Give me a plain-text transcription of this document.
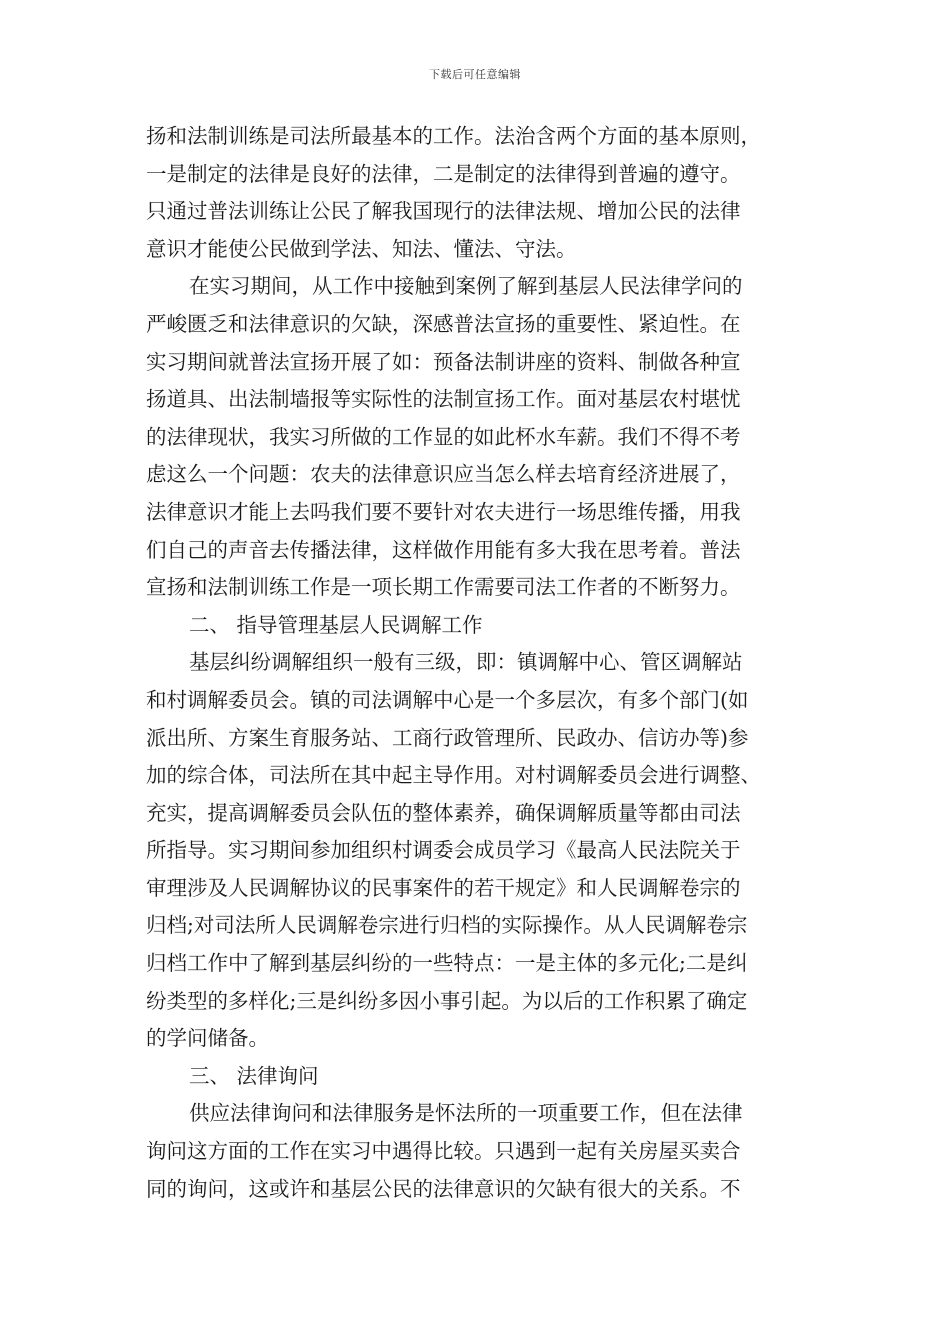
下载后可任意编辑
扬和法制训练是司法所最基本的工作。法治含两个方面的基本原则，
一是制定的法律是良好的法律，二是制定的法律得到普遍的遵守。
只通过普法训练让公民了解我国现行的法律法规、增加公民的法律
意识才能使公民做到学法、知法、懂法、守法。
在实习期间，从工作中接触到案例了解到基层人民法律学问的
严峻匮乏和法律意识的欠缺，深感普法宣扬的重要性、紧迫性。在
实习期间就普法宣扬开展了如：预备法制讲座的资料、制做各种宣
扬道具、出法制墙报等实际性的法制宣扬工作。面对基层农村堪忧
的法律现状，我实习所做的工作显的如此杯水车薪。我们不得不考
虑这么一个问题：农夫的法律意识应当怎么样去培育经济进展了，
法律意识才能上去吗我们要不要针对农夫进行一场思维传播，用我
们自己的声音去传播法律，这样做作用能有多大我在思考着。普法
宣扬和法制训练工作是一项长期工作需要司法工作者的不断努力。
二、 指导管理基层人民调解工作
基层纠纷调解组织一般有三级，即：镇调解中心、管区调解站
和村调解委员会。镇的司法调解中心是一个多层次，有多个部门(如
派出所、方案生育服务站、工商行政管理所、民政办、信访办等)参
加的综合体，司法所在其中起主导作用。对村调解委员会进行调整、
充实，提高调解委员会队伍的整体素养，确保调解质量等都由司法
所指导。实习期间参加组织村调委会成员学习《最高人民法院关于
审理涉及人民调解协议的民事案件的若干规定》和人民调解卷宗的
归档;对司法所人民调解卷宗进行归档的实际操作。从人民调解卷宗
归档工作中了解到基层纠纷的一些特点：一是主体的多元化;二是纠
纷类型的多样化;三是纠纷多因小事引起。为以后的工作积累了确定
的学问储备。
三、 法律询问
供应法律询问和法律服务是怀法所的一项重要工作，但在法律
询问这方面的工作在实习中遇得比较。只遇到一起有关房屋买卖合
同的询问，这或许和基层公民的法律意识的欠缺有很大的关系。不
